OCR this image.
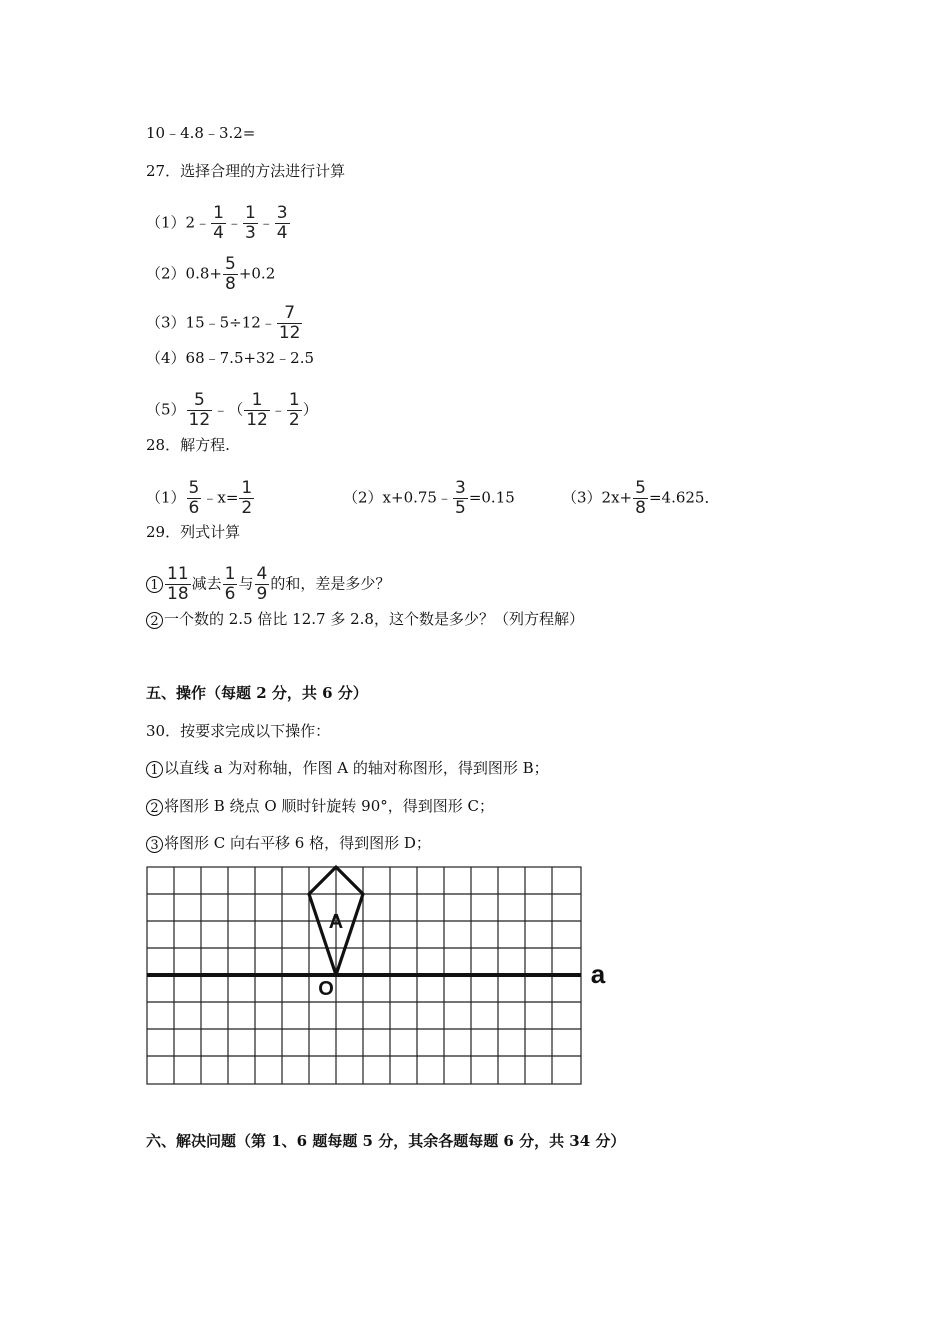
10﹣4.8﹣3.2=
27．选择合理的方法进行计算
（1）2﹣ $\frac{1}{4}$ ﹣ $\frac{1}{3}$ ﹣ $\frac{3}{4}$
$(2)0.8+ \frac{5}{8} +0.2$
（3）15﹣5÷12﹣ $\frac{7}{12}$
（4）68﹣7.5+32﹣2.5
$(5) \frac{5}{12}$ ﹣（ $\frac{1}{12}$ ﹣ $\frac{1}{2}$ ）
28．解方程.
$(1) \frac{5}{6}$ ﹣x= $\frac{1}{2}$	（2）x+0.75﹣ $\frac{3}{5} =0.15$	$(3)2x+ \frac{5}{8} =4.625$．
29．列式计算
$1 \frac{11}{18}$ 减去 $\frac{1}{6}$ 与 $\frac{4}{9}$ 的和，差是多少？
2 一个数的 2.5 倍比 12.7 多 2.8，这个数是多少？（列方程解）
五、操作（每题 2 分，共 6 分）
30．按要求完成以下操作：
1 以直线 a 为对称轴，作图 A 的轴对称图形，得到图形 B；
2 将图形 B 绕点 O 顺时针旋转 90°，得到图形 C；
3 将图形 C 向右平移 6 格，得到图形 D；
A
O	a
六、解决问题（第 1、6 题每题 5 分，其余各题每题 6 分，共 34 分）
